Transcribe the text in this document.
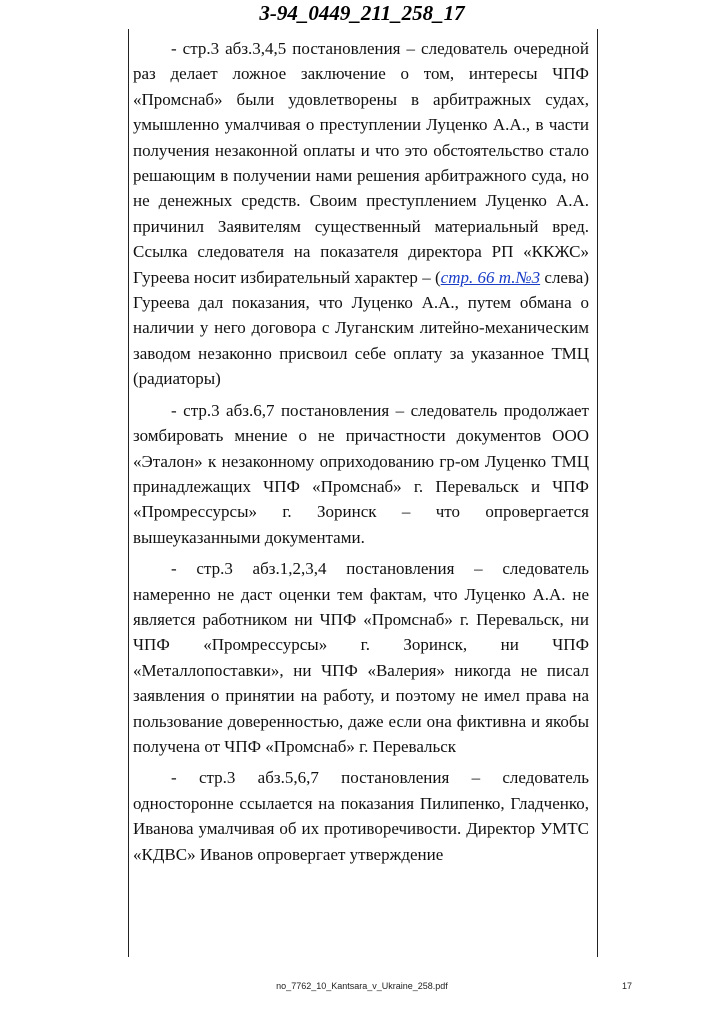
3-94_0449_211_258_17

- стр.3 абз.3,4,5 постановления – следователь очередной раз делает ложное заключение о том, интересы ЧПФ «Промснаб» были удовлетворены в арбитражных судах, умышленно умалчивая о преступлении Луценко А.А., в части получения незаконной оплаты и что это обстоятельство стало решающим в получении нами решения арбитражного суда, но не денежных средств. Своим преступлением Луценко А.А. причинил Заявителям существенный материальный вред. Ссылка следователя на показателя директора РП «ККЖС» Гуреева носит избирательный характер – (стр. 66 т.№3 слева) Гуреева дал показания, что Луценко А.А., путем обмана о наличии у него договора с Луганским литейно-механическим заводом незаконно присвоил себе оплату за указанное ТМЦ (радиаторы)

- стр.3 абз.6,7 постановления – следователь продолжает зомбировать мнение о не причастности документов ООО «Эталон» к незаконному оприходованию гр-ом Луценко ТМЦ принадлежащих ЧПФ «Промснаб» г. Перевальск и ЧПФ «Промрессурсы» г. Зоринск – что опровергается вышеуказанными документами.

- стр.3 абз.1,2,3,4 постановления – следователь намеренно не даст оценки тем фактам, что Луценко А.А. не является работником ни ЧПФ «Промснаб» г. Перевальск, ни ЧПФ «Промрессурсы» г. Зоринск, ни ЧПФ «Металлопоставки», ни ЧПФ «Валерия» никогда не писал заявления о принятии на работу, и поэтому не имел права на пользование доверенностью, даже если она фиктивна и якобы получена от ЧПФ «Промснаб» г. Перевальск

- стр.3 абз.5,6,7 постановления – следователь односторонне ссылается на показания Пилипенко, Гладченко, Иванова умалчивая об их противоречивости. Директор УМТС «КДВС» Иванов опровергает утверждение

no_7762_10_Kantsara_v_Ukraine_258.pdf	17
